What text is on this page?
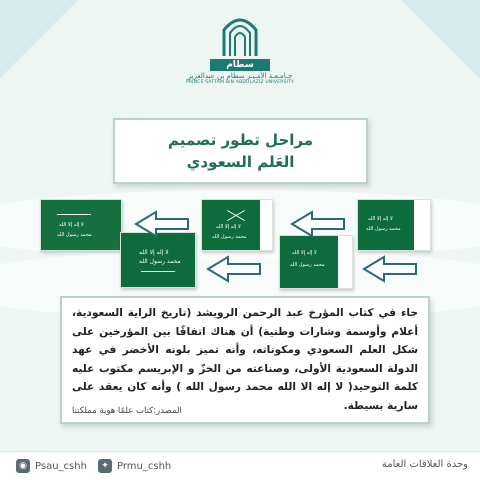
سطام
جـامـعـة الأمـيـر سطام بن عبدالعزيز
PRINCE SATTAM BIN ABDULAZIZ UNIVERSITY
مراحل تطور تصميم
العَلم السعودي
لا إله إلا الله
محمد رسول الله
لا إله إلا الله
محمد رسول الله
لا إله إلا الله
محمد رسول الله
لا إله إلا الله
محمد رسول الله
لا إله إلا الله
محمد رسول الله
جاء في كتاب المؤرخ عبد الرحمن الرويشد (تاريخ الراية السعودية، أعلام وأوسمة وشارات وطنية) أن هناك اتفاقًا بين المؤرخين على شكل العلم السعودي ومكوناته، وأنه تميز بلونه الأخضر في عهد الدولة السعودية الأولى، وصناعته من الخزّ و الإبريسم مكتوب عليه كلمة التوحيد( لا إله الا الله محمد رسول الله ) وأنه كان يعقد على سارية بسيطة.
المصدر:كتاب علمًا هوية مملكتنا
◉ Psau_cshh	✦ Prmu_cshh	وحدة العلاقات العامة
